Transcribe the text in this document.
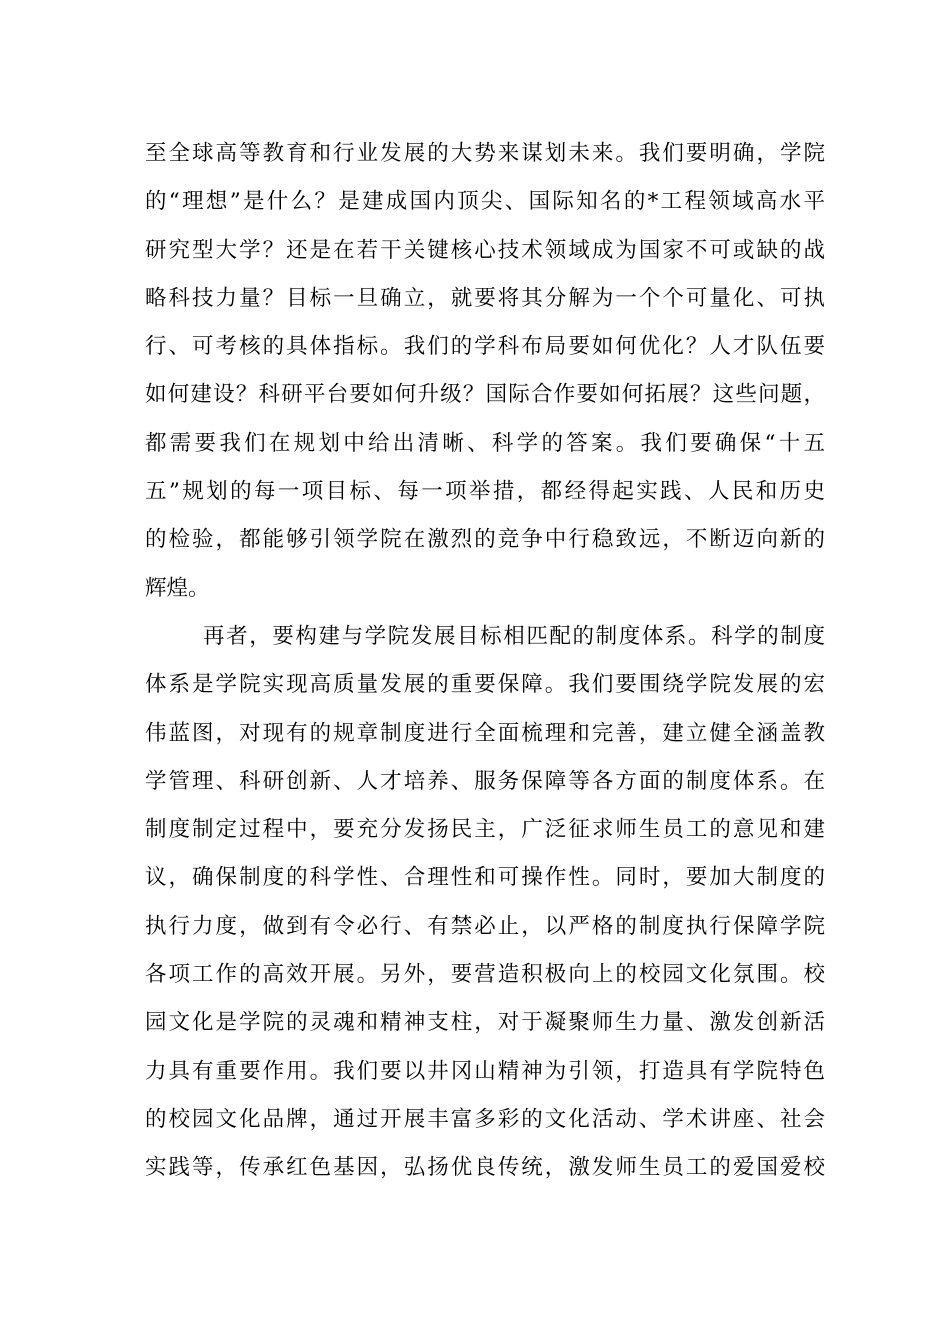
至全球高等教育和行业发展的大势来谋划未来。我们要明确，学院
的“理想”是什么？是建成国内顶尖、国际知名的*工程领域高水平
研究型大学？还是在若干关键核心技术领域成为国家不可或缺的战
略科技力量？目标一旦确立，就要将其分解为一个个可量化、可执
行、可考核的具体指标。我们的学科布局要如何优化？人才队伍要
如何建设？科研平台要如何升级？国际合作要如何拓展？这些问题，
都需要我们在规划中给出清晰、科学的答案。我们要确保“十五
五”规划的每一项目标、每一项举措，都经得起实践、人民和历史
的检验，都能够引领学院在激烈的竞争中行稳致远，不断迈向新的
辉煌。
再者，要构建与学院发展目标相匹配的制度体系。科学的制度
体系是学院实现高质量发展的重要保障。我们要围绕学院发展的宏
伟蓝图，对现有的规章制度进行全面梳理和完善，建立健全涵盖教
学管理、科研创新、人才培养、服务保障等各方面的制度体系。在
制度制定过程中，要充分发扬民主，广泛征求师生员工的意见和建
议，确保制度的科学性、合理性和可操作性。同时，要加大制度的
执行力度，做到有令必行、有禁必止，以严格的制度执行保障学院
各项工作的高效开展。另外，要营造积极向上的校园文化氛围。校
园文化是学院的灵魂和精神支柱，对于凝聚师生力量、激发创新活
力具有重要作用。我们要以井冈山精神为引领，打造具有学院特色
的校园文化品牌，通过开展丰富多彩的文化活动、学术讲座、社会
实践等，传承红色基因，弘扬优良传统，激发师生员工的爱国爱校
